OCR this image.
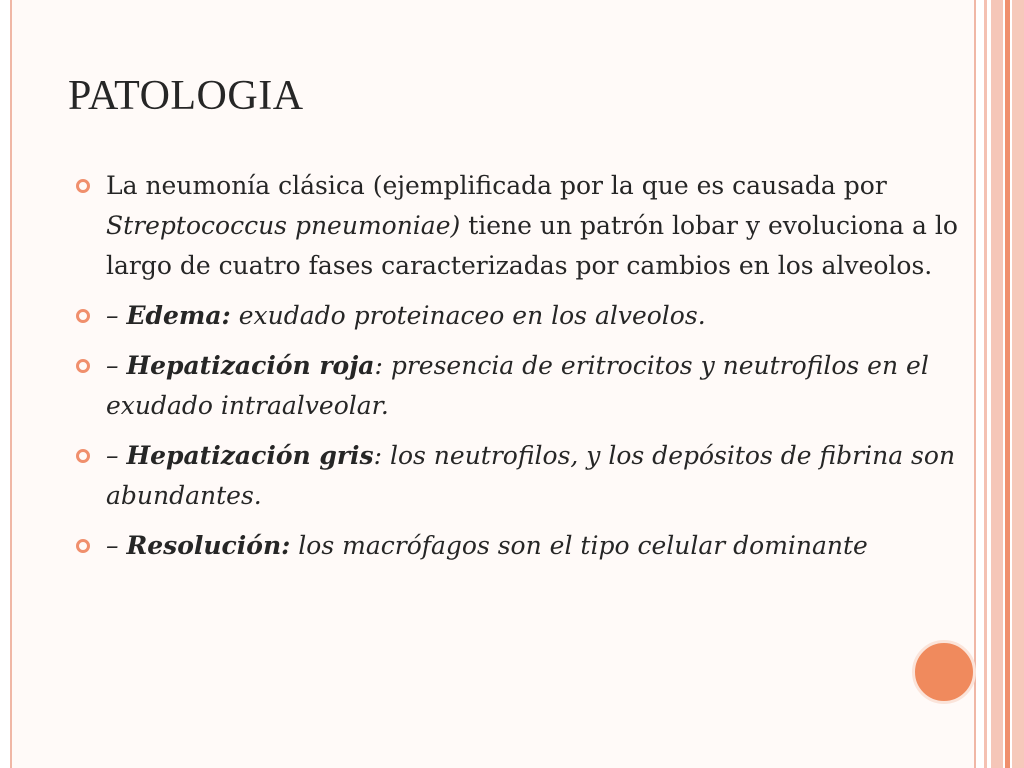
PATOLOGIA
La neumonía clásica (ejemplificada por la que es causada por Streptococcus pneumoniae) tiene un patrón lobar y evoluciona a lo largo de cuatro fases caracterizadas por cambios en los alveolos.
– Edema: exudado proteinaceo en los alveolos.
– Hepatización roja: presencia de eritrocitos y neutrofilos en el exudado intraalveolar.
– Hepatización gris: los neutrofilos, y los depósitos de fibrina son abundantes.
– Resolución: los macrófagos son el tipo celular dominante
